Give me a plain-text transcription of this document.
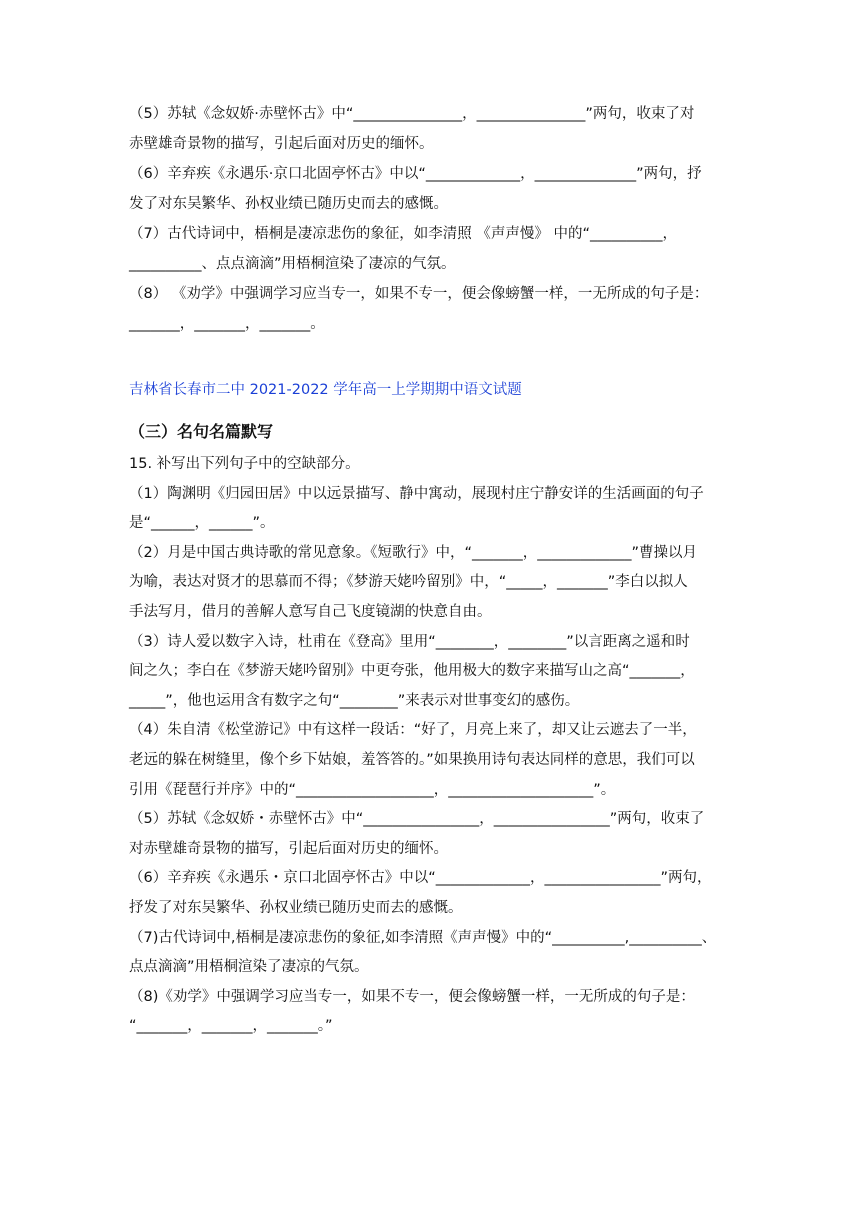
（5）苏轼《念奴娇·赤壁怀古》中“_______________，_______________”两句，收束了对
赤壁雄奇景物的描写，引起后面对历史的缅怀。
（6）辛弃疾《永遇乐·京口北固亭怀古》中以“_____________，______________”两句，抒
发了对东吴繁华、孙权业绩已随历史而去的感慨。
（7）古代诗词中，梧桐是凄凉悲伤的象征，如李清照 《声声慢》 中的“__________，
__________、点点滴滴”用梧桐渲染了凄凉的气氛。
（8） 《劝学》中强调学习应当专一，如果不专一，便会像螃蟹一样，一无所成的句子是：
_______，_______，_______。
吉林省长春市二中 2021-2022 学年高一上学期期中语文试题
（三）名句名篇默写
15. 补写出下列句子中的空缺部分。
（1）陶渊明《归园田居》中以远景描写、静中寓动，展现村庄宁静安详的生活画面的句子
是“______，______”。
（2）月是中国古典诗歌的常见意象。《短歌行》中，“_______，_____________”曹操以月
为喻，表达对贤才的思慕而不得；《梦游天姥吟留别》中，“_____，_______”李白以拟人
手法写月，借月的善解人意写自己飞度镜湖的快意自由。
（3）诗人爱以数字入诗，杜甫在《登高》里用“________，________”以言距离之遥和时
间之久；李白在《梦游天姥吟留别》中更夸张，他用极大的数字来描写山之高“_______，
_____”，他也运用含有数字之句“________”来表示对世事变幻的感伤。
（4）朱自清《松堂游记》中有这样一段话：“好了，月亮上来了，却又让云遮去了一半，
老远的躲在树缝里，像个乡下姑娘，羞答答的。”如果换用诗句表达同样的意思，我们可以
引用《琵琶行并序》中的“___________________，____________________”。
（5）苏轼《念奴娇・赤壁怀古》中“________________，________________”两句，收束了
对赤壁雄奇景物的描写，引起后面对历史的缅怀。
（6）辛弃疾《永遇乐・京口北固亭怀古》中以“_____________，________________”两句，
抒发了对东吴繁华、孙权业绩已随历史而去的感慨。
（7)古代诗词中,梧桐是凄凉悲伤的象征,如李清照《声声慢》中的“__________,__________、
点点滴滴”用梧桐渲染了凄凉的气氛。
（8)《劝学》中强调学习应当专一，如果不专一，便会像螃蟹一样，一无所成的句子是：
“_______，_______，_______。”
